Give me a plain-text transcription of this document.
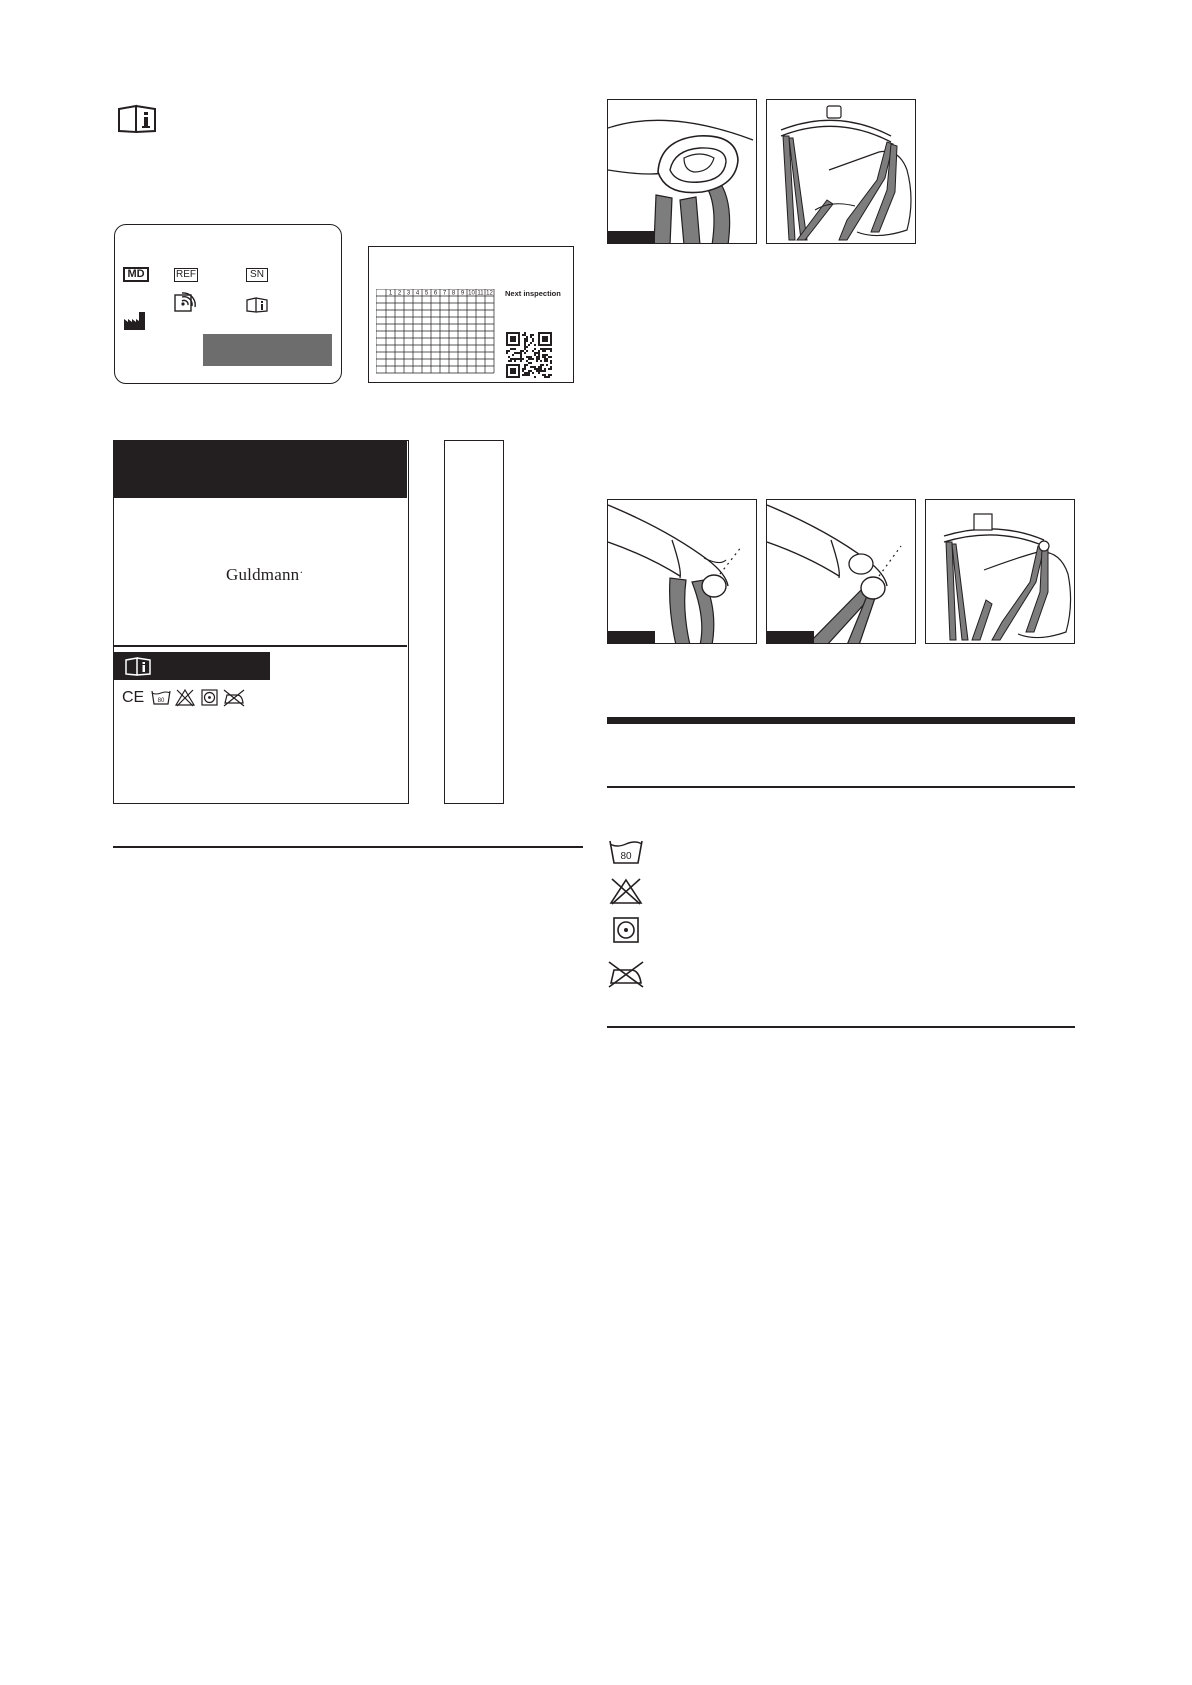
MD	REF	SN
1 2 3 4 5 6 7 8 9 10 11 12 Next inspection
Guldmann·
CE 80
80
